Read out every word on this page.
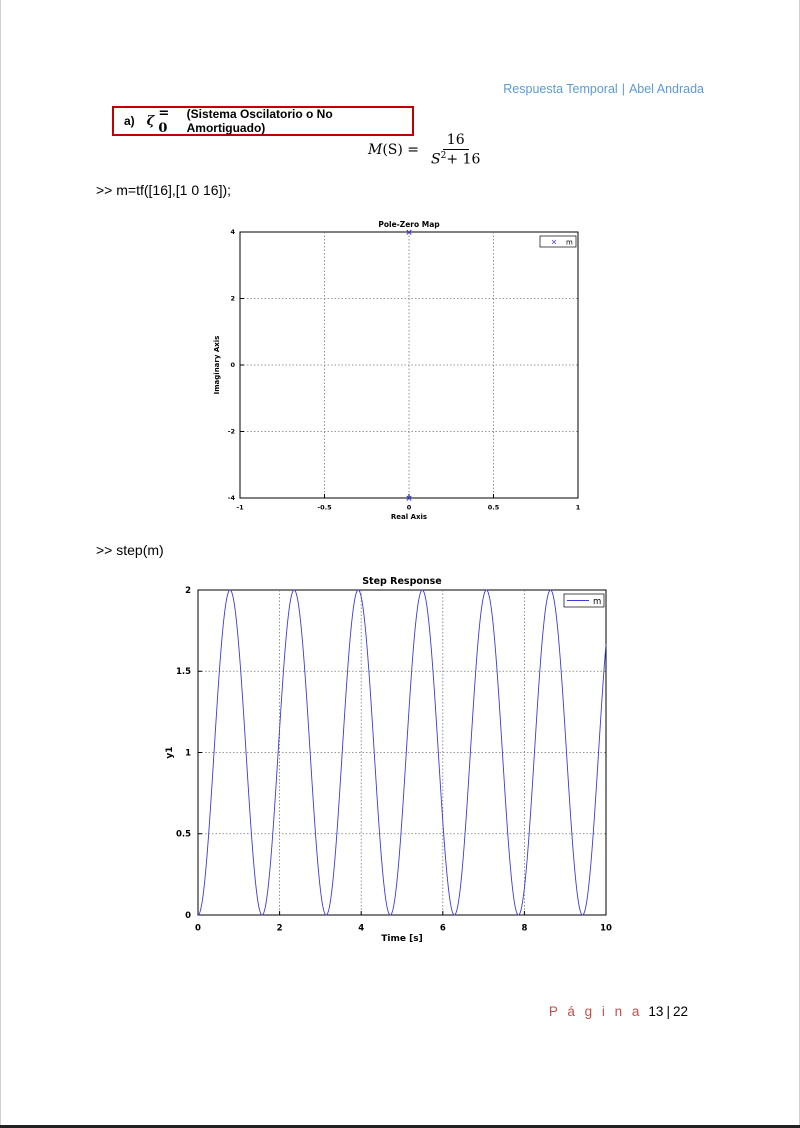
Respuesta Temporal | Abel Andrada
a) ζ = 0
(Sistema Oscilatorio o No Amortiguado)
$M(S) = \frac{16}{S^2+ 16}$
>> m=tf([16],[1 0 16]);
-1	-0.5	0	0.5	1
-4
-2
0
2
4
Pole-Zero Map
Real Axis
Imaginary Axis
×
×
× m
>> step(m)
0	2	4	6	8	10
0
0.5
1
1.5
2
Step Response
Time [s]
y1
m
P á g i n a 13 | 22
